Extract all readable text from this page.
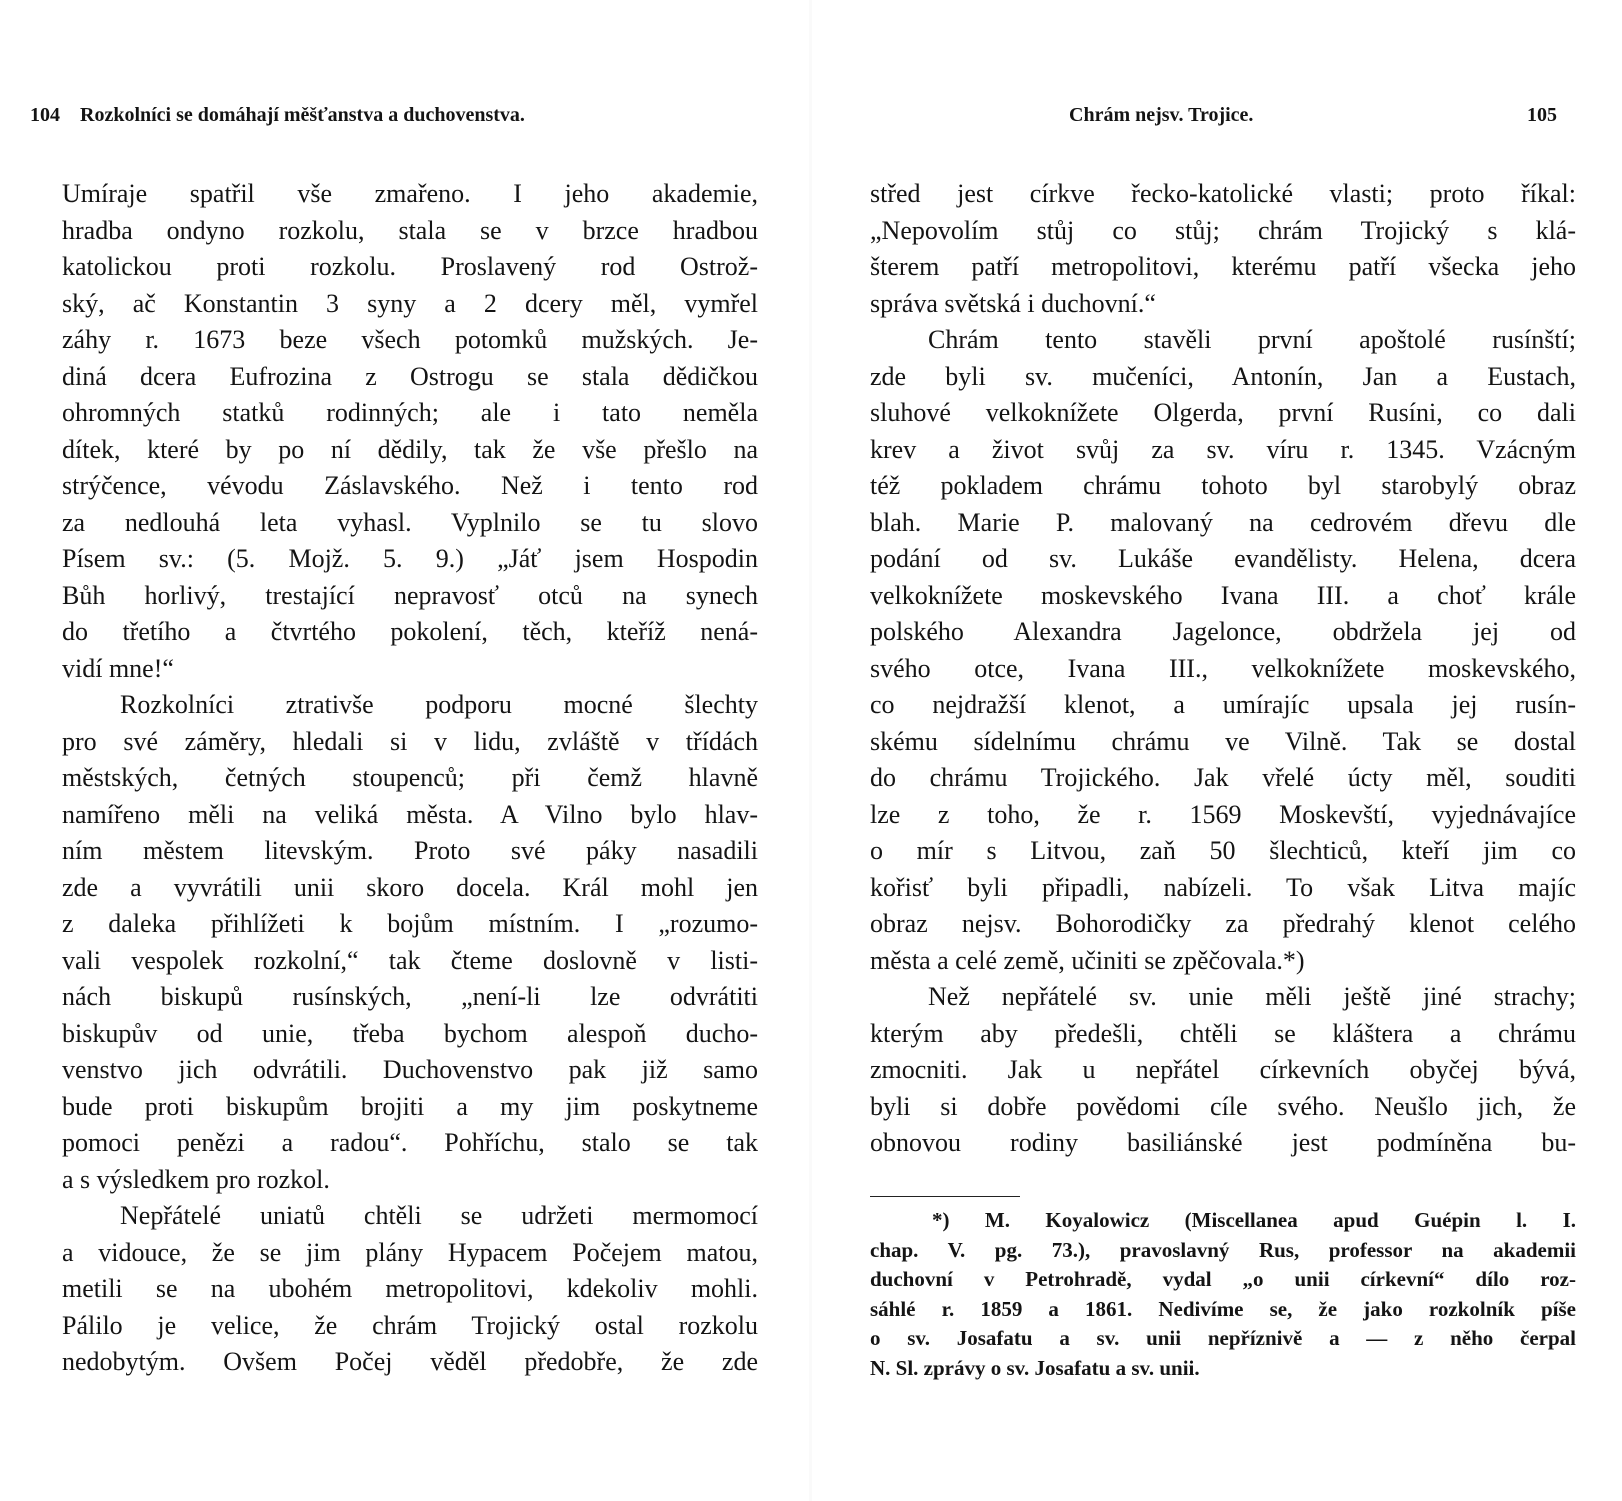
104 Rozkolníci se domáhají měšťanstva a duchovenstva.
Umíraje spatřil vše zmařeno. I jeho akademie,
hradba ondyno rozkolu, stala se v brzce hradbou
katolickou proti rozkolu. Proslavený rod Ostrož-
ský, ač Konstantin 3 syny a 2 dcery měl, vymřel
záhy r. 1673 beze všech potomků mužských. Je-
diná dcera Eufrozina z Ostrogu se stala dědičkou
ohromných statků rodinných; ale i tato neměla
dítek, které by po ní dědily, tak že vše přešlo na
strýčence, vévodu Záslavského. Než i tento rod
za nedlouhá leta vyhasl. Vyplnilo se tu slovo
Písem sv.: (5. Mojž. 5. 9.) „Jáť jsem Hospodin
Bůh horlivý, trestající nepravosť otců na synech
do třetího a čtvrtého pokolení, těch, kteříž nená-
vidí mne!“
Rozkolníci ztrativše podporu mocné šlechty
pro své záměry, hledali si v lidu, zvláště v třídách
městských, četných stoupenců; při čemž hlavně
namířeno měli na veliká města. A Vilno bylo hlav-
ním městem litevským. Proto své páky nasadili
zde a vyvrátili unii skoro docela. Král mohl jen
z daleka přihlížeti k bojům místním. I „rozumo-
vali vespolek rozkolní,“ tak čteme doslovně v listi-
nách biskupů rusínských, „není-li lze odvrátiti
biskupův od unie, třeba bychom alespoň ducho-
venstvo jich odvrátili. Duchovenstvo pak již samo
bude proti biskupům brojiti a my jim poskytneme
pomoci penězi a radou“. Pohříchu, stalo se tak
a s výsledkem pro rozkol.
Nepřátelé uniatů chtěli se udržeti mermomocí
a vidouce, že se jim plány Hypacem Počejem matou,
metili se na ubohém metropolitovi, kdekoliv mohli.
Pálilo je velice, že chrám Trojický ostal rozkolu
nedobytým. Ovšem Počej věděl předobře, že zde
Chrám nejsv. Trojice.	105
střed jest církve řecko-katolické vlasti; proto říkal:
„Nepovolím stůj co stůj; chrám Trojický s klá-
šterem patří metropolitovi, kterému patří všecka jeho
správa světská i duchovní.“
Chrám tento stavěli první apoštolé rusínští;
zde byli sv. mučeníci, Antonín, Jan a Eustach,
sluhové velkoknížete Olgerda, první Rusíni, co dali
krev a život svůj za sv. víru r. 1345. Vzácným
též pokladem chrámu tohoto byl starobylý obraz
blah. Marie P. malovaný na cedrovém dřevu dle
podání od sv. Lukáše evandělisty. Helena, dcera
velkoknížete moskevského Ivana III. a choť krále
polského Alexandra Jagelonce, obdržela jej od
svého otce, Ivana III., velkoknížete moskevského,
co nejdražší klenot, a umírajíc upsala jej rusín-
skému sídelnímu chrámu ve Vilně. Tak se dostal
do chrámu Trojického. Jak vřelé úcty měl, souditi
lze z toho, že r. 1569 Moskevští, vyjednávajíce
o mír s Litvou, zaň 50 šlechticů, kteří jim co
kořisť byli připadli, nabízeli. To však Litva majíc
obraz nejsv. Bohorodičky za předrahý klenot celého
města a celé země, učiniti se zpěčovala.*)
Než nepřátelé sv. unie měli ještě jiné strachy;
kterým aby předešli, chtěli se kláštera a chrámu
zmocniti. Jak u nepřátel církevních obyčej bývá,
byli si dobře povědomi cíle svého. Neušlo jich, že
obnovou rodiny basiliánské jest podmíněna bu-
*) M. Koyalowicz (Miscellanea apud Guépin l. I.
chap. V. pg. 73.), pravoslavný Rus, professor na akademii
duchovní v Petrohradě, vydal „o unii církevní“ dílo roz-
sáhlé r. 1859 a 1861. Nedivíme se, že jako rozkolník píše
o sv. Josafatu a sv. unii nepříznivě a — z něho čerpal
N. Sl. zprávy o sv. Josafatu a sv. unii.
